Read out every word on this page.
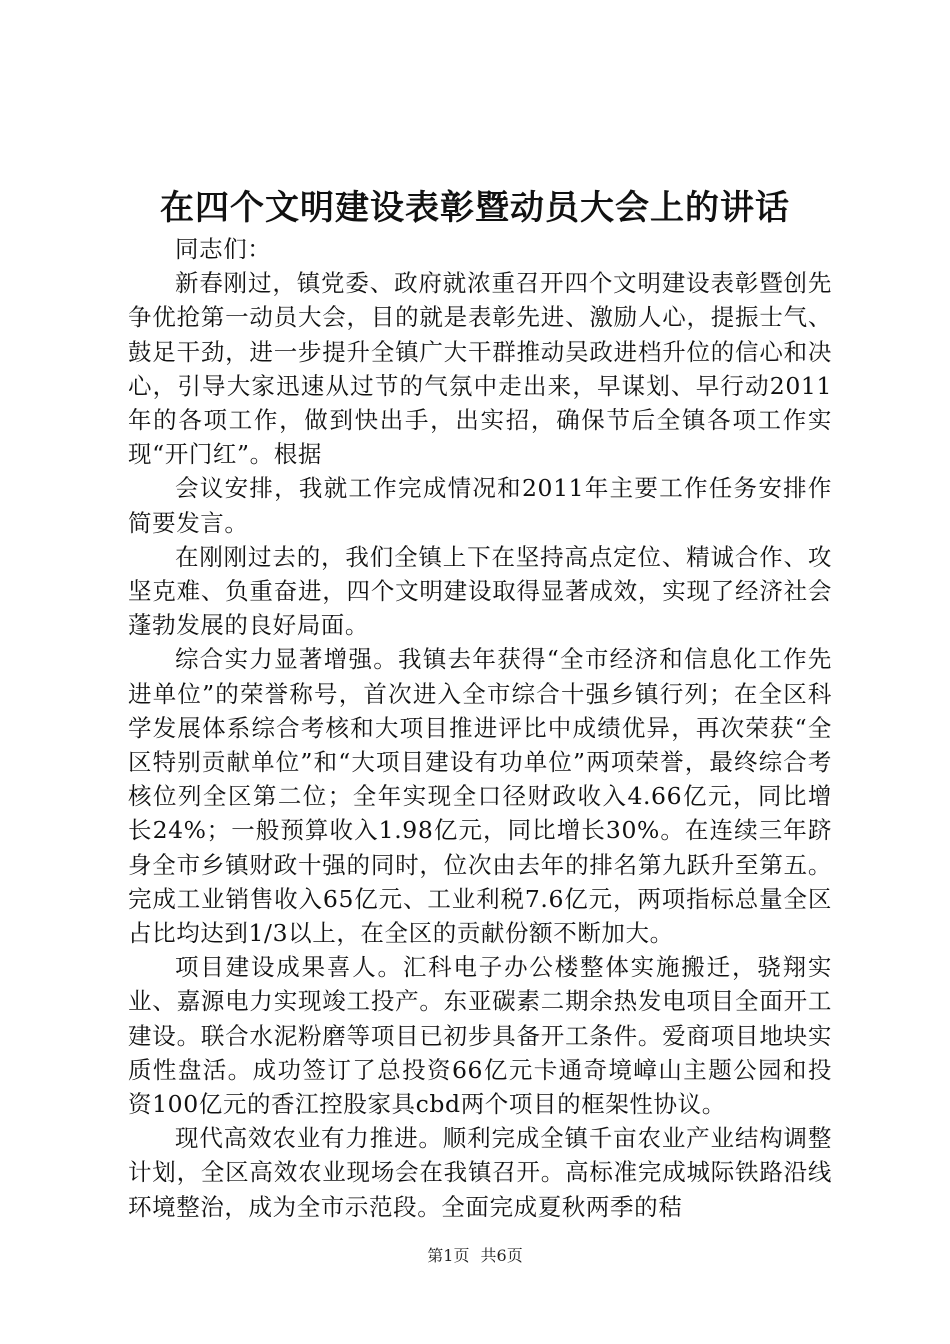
在四个文明建设表彰暨动员大会上的讲话

同志们：

新春刚过，镇党委、政府就浓重召开四个文明建设表彰暨创先争优抢第一动员大会，目的就是表彰先进、激励人心，提振士气、鼓足干劲，进一步提升全镇广大干群推动吴政进档升位的信心和决心，引导大家迅速从过节的气氛中走出来，早谋划、早行动2011年的各项工作，做到快出手，出实招，确保节后全镇各项工作实现“开门红”。根据

会议安排，我就工作完成情况和2011年主要工作任务安排作简要发言。

在刚刚过去的，我们全镇上下在坚持高点定位、精诚合作、攻坚克难、负重奋进，四个文明建设取得显著成效，实现了经济社会蓬勃发展的良好局面。

综合实力显著增强。我镇去年获得“全市经济和信息化工作先进单位”的荣誉称号，首次进入全市综合十强乡镇行列；在全区科学发展体系综合考核和大项目推进评比中成绩优异，再次荣获“全区特别贡献单位”和“大项目建设有功单位”两项荣誉，最终综合考核位列全区第二位；全年实现全口径财政收入4.66亿元，同比增长24%；一般预算收入1.98亿元，同比增长30%。在连续三年跻身全市乡镇财政十强的同时，位次由去年的排名第九跃升至第五。完成工业销售收入65亿元、工业利税7.6亿元，两项指标总量全区占比均达到1/3以上，在全区的贡献份额不断加大。

项目建设成果喜人。汇科电子办公楼整体实施搬迁，骁翔实业、嘉源电力实现竣工投产。东亚碳素二期余热发电项目全面开工建设。联合水泥粉磨等项目已初步具备开工条件。爱商项目地块实质性盘活。成功签订了总投资66亿元卡通奇境嶂山主题公园和投资100亿元的香江控股家具cbd两个项目的框架性协议。

现代高效农业有力推进。顺利完成全镇千亩农业产业结构调整计划，全区高效农业现场会在我镇召开。高标准完成城际铁路沿线环境整治，成为全市示范段。全面完成夏秋两季的秸

第1页 共6页
